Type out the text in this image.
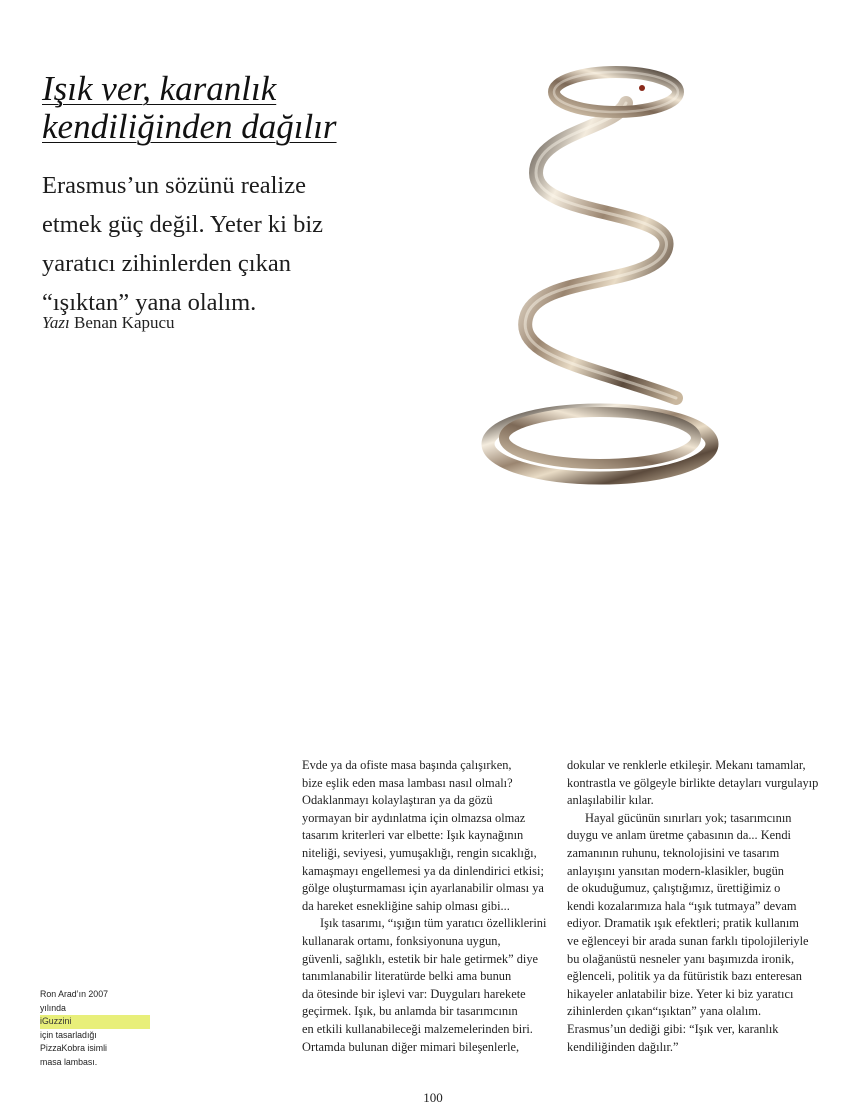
Işık ver, karanlık
kendiliğinden dağılır

Erasmus’un sözünü realize
etmek güç değil. Yeter ki biz
yaratıcı zihinlerden çıkan
“ışıktan” yana olalım.

Yazı Benan Kapucu
Ron Arad’ın 2007
yılında
iGuzzini
için tasarladığı
PizzaKobra isimli
masa lambası.
Evde ya da ofiste masa başında çalışırken,
bize eşlik eden masa lambası nasıl olmalı?
Odaklanmayı kolaylaştıran ya da gözü
yormayan bir aydınlatma için olmazsa olmaz
tasarım kriterleri var elbette: Işık kaynağının
niteliği, seviyesi, yumuşaklığı, rengin sıcaklığı,
kamaşmayı engellemesi ya da dinlendirici etkisi;
gölge oluşturmaması için ayarlanabilir olması ya
da hareket esnekliğine sahip olması gibi...
Işık tasarımı, “ışığın tüm yaratıcı özelliklerini
kullanarak ortamı, fonksiyonuna uygun,
güvenli, sağlıklı, estetik bir hale getirmek” diye
tanımlanabilir literatürde belki ama bunun
da ötesinde bir işlevi var: Duyguları harekete
geçirmek. Işık, bu anlamda bir tasarımcının
en etkili kullanabileceği malzemelerinden biri.
Ortamda bulunan diğer mimari bileşenlerle,
dokular ve renklerle etkileşir. Mekanı tamamlar,
kontrastla ve gölgeyle birlikte detayları vurgulayıp
anlaşılabilir kılar.
Hayal gücünün sınırları yok; tasarımcının
duygu ve anlam üretme çabasının da... Kendi
zamanının ruhunu, teknolojisini ve tasarım
anlayışını yansıtan modern-klasikler, bugün
de okuduğumuz, çalıştığımız, ürettiğimiz o
kendi kozalarımıza hala “ışık tutmaya” devam
ediyor. Dramatik ışık efektleri; pratik kullanım
ve eğlenceyi bir arada sunan farklı tipolojileriyle
bu olağanüstü nesneler yanı başımızda ironik,
eğlenceli, politik ya da fütüristik bazı enteresan
hikayeler anlatabilir bize. Yeter ki biz yaratıcı
zihinlerden çıkan“ışıktan” yana olalım.
Erasmus’un dediği gibi: “Işık ver, karanlık
kendiliğinden dağılır.”
100
